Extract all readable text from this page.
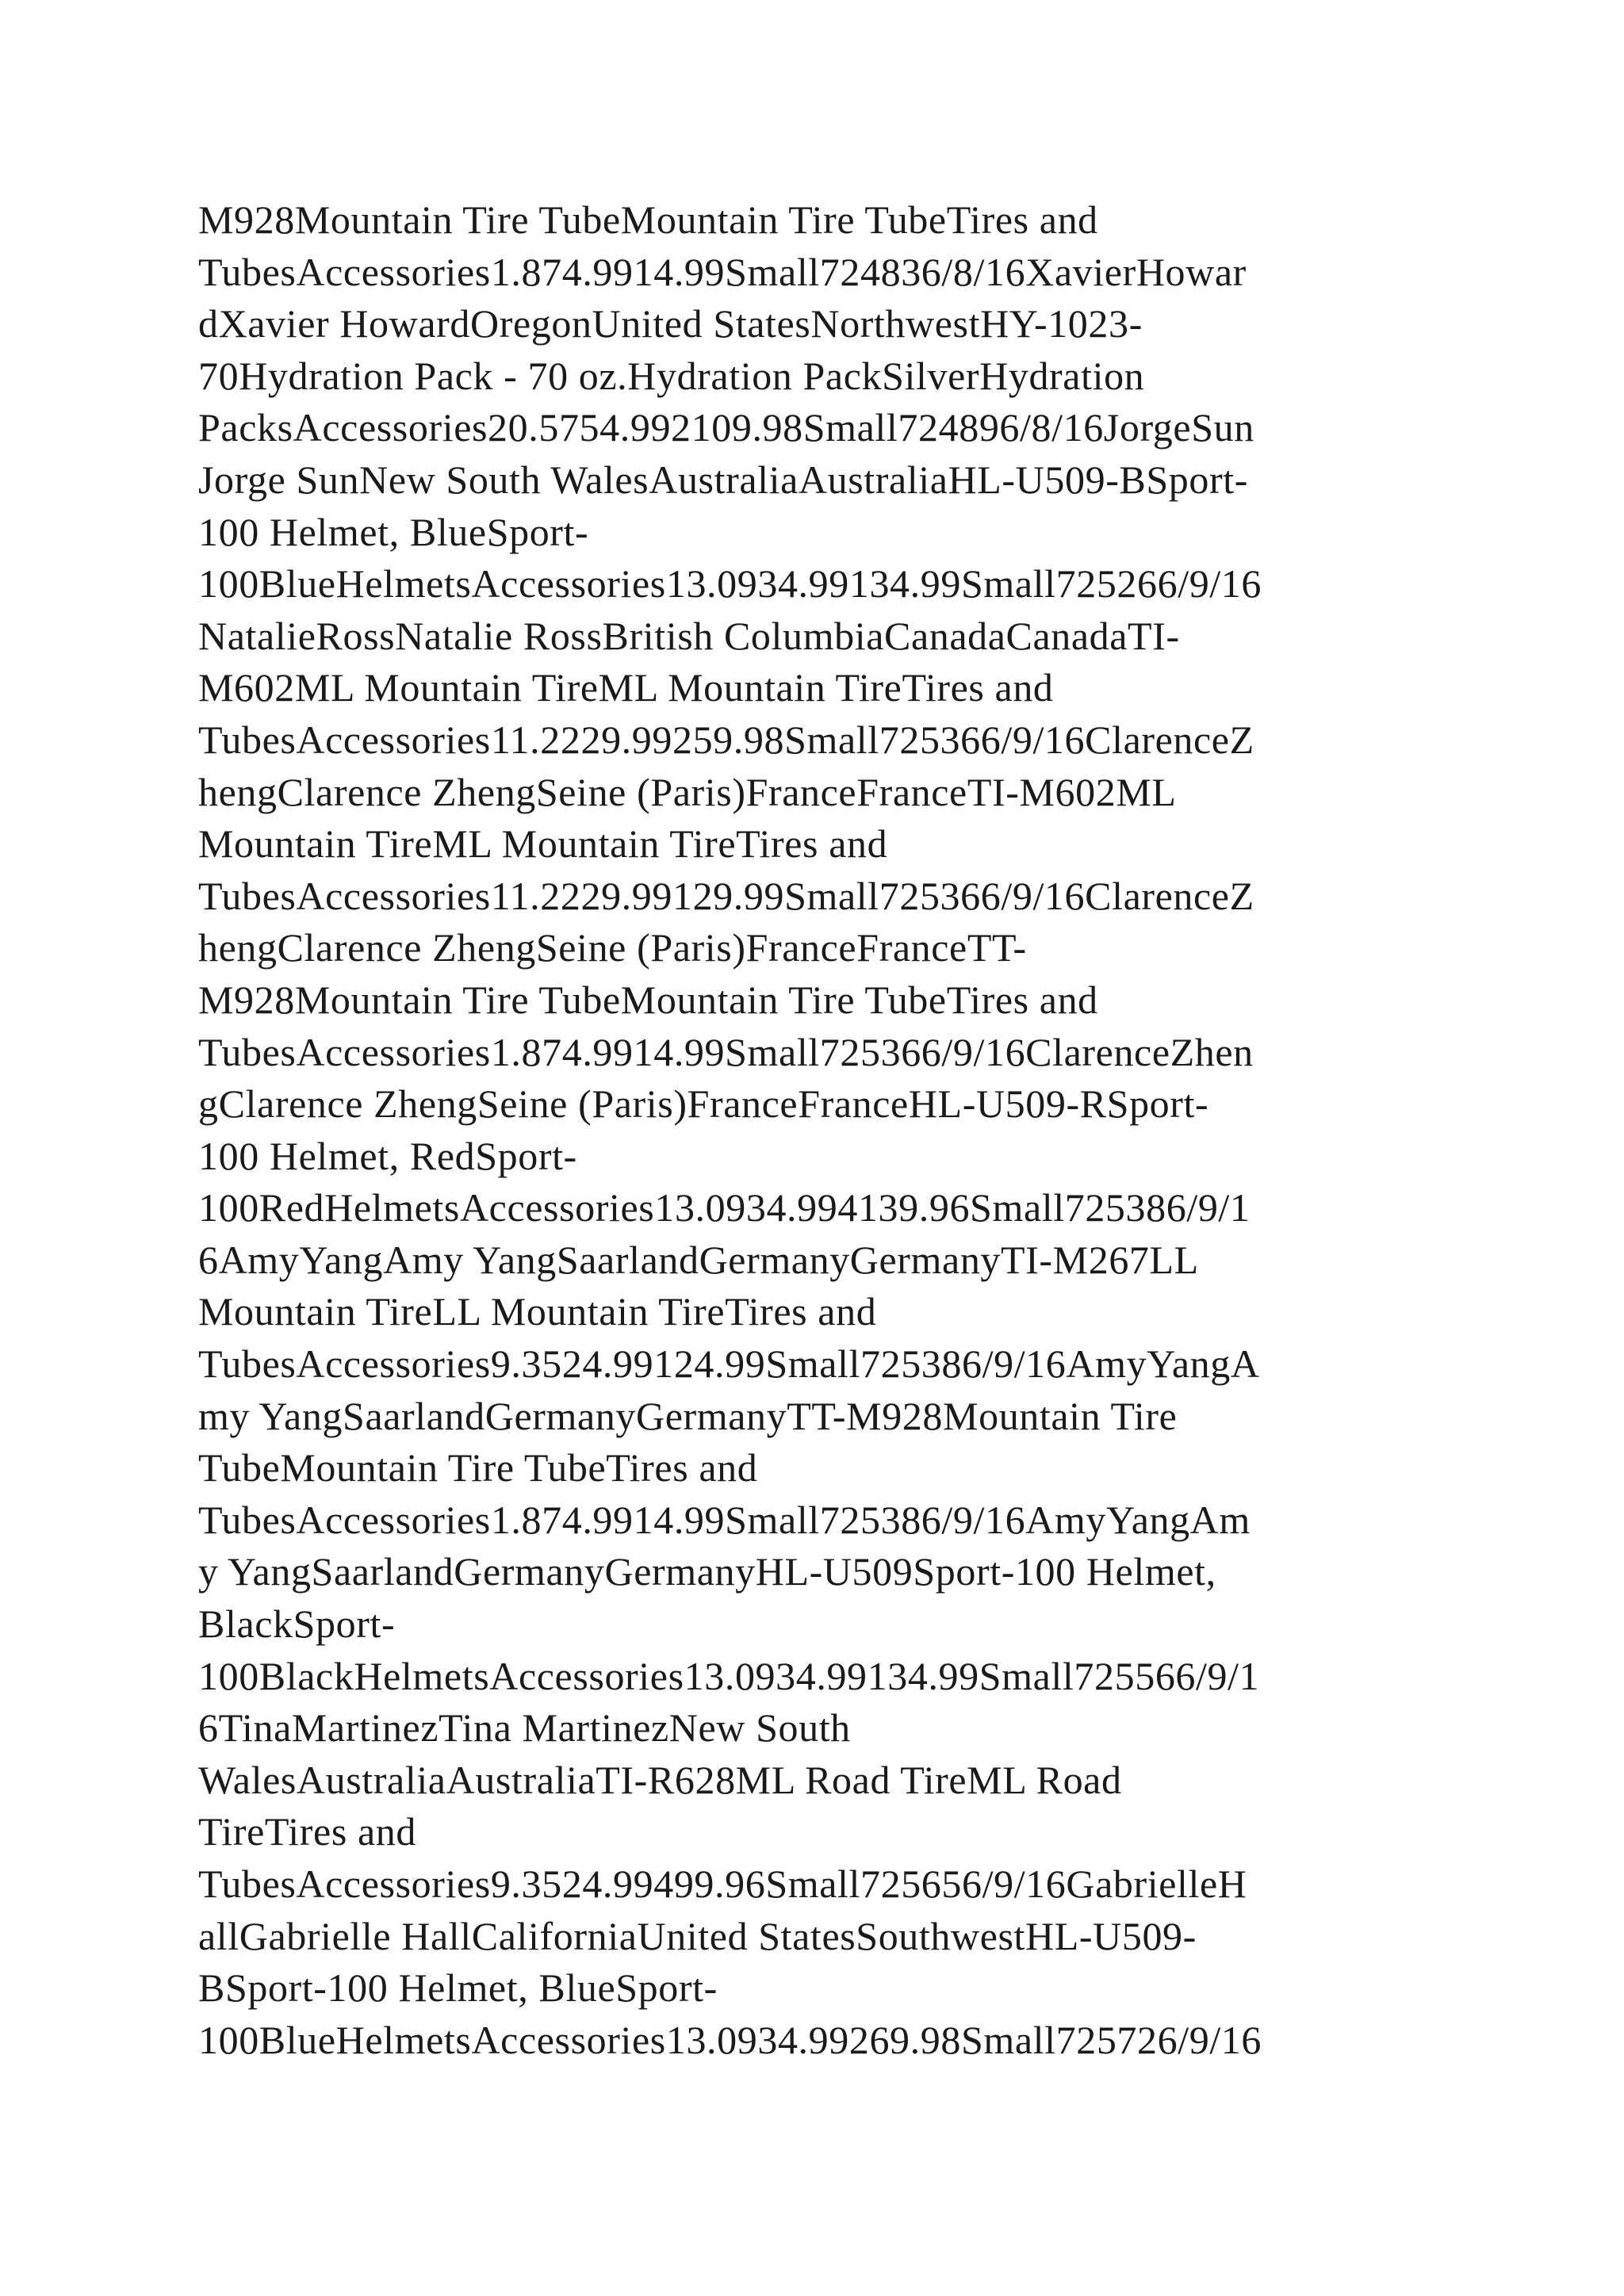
M928Mountain Tire TubeMountain Tire TubeTires and
TubesAccessories1.874.9914.99Small724836/8/16XavierHowar
dXavier HowardOregonUnited StatesNorthwestHY-1023-
70Hydration Pack - 70 oz.Hydration PackSilverHydration
PacksAccessories20.5754.992109.98Small724896/8/16JorgeSun
Jorge SunNew South WalesAustraliaAustraliaHL-U509-BSport-
100 Helmet, BlueSport-
100BlueHelmetsAccessories13.0934.99134.99Small725266/9/16
NatalieRossNatalie RossBritish ColumbiaCanadaCanadaTI-
M602ML Mountain TireML Mountain TireTires and
TubesAccessories11.2229.99259.98Small725366/9/16ClarenceZ
hengClarence ZhengSeine (Paris)FranceFranceTI-M602ML
Mountain TireML Mountain TireTires and
TubesAccessories11.2229.99129.99Small725366/9/16ClarenceZ
hengClarence ZhengSeine (Paris)FranceFranceTT-
M928Mountain Tire TubeMountain Tire TubeTires and
TubesAccessories1.874.9914.99Small725366/9/16ClarenceZhen
gClarence ZhengSeine (Paris)FranceFranceHL-U509-RSport-
100 Helmet, RedSport-
100RedHelmetsAccessories13.0934.994139.96Small725386/9/1
6AmyYangAmy YangSaarlandGermanyGermanyTI-M267LL
Mountain TireLL Mountain TireTires and
TubesAccessories9.3524.99124.99Small725386/9/16AmyYangA
my YangSaarlandGermanyGermanyTT-M928Mountain Tire
TubeMountain Tire TubeTires and
TubesAccessories1.874.9914.99Small725386/9/16AmyYangAm
y YangSaarlandGermanyGermanyHL-U509Sport-100 Helmet,
BlackSport-
100BlackHelmetsAccessories13.0934.99134.99Small725566/9/1
6TinaMartinezTina MartinezNew South
WalesAustraliaAustraliaTI-R628ML Road TireML Road
TireTires and
TubesAccessories9.3524.99499.96Small725656/9/16GabrielleH
allGabrielle HallCaliforniaUnited StatesSouthwestHL-U509-
BSport-100 Helmet, BlueSport-
100BlueHelmetsAccessories13.0934.99269.98Small725726/9/16
